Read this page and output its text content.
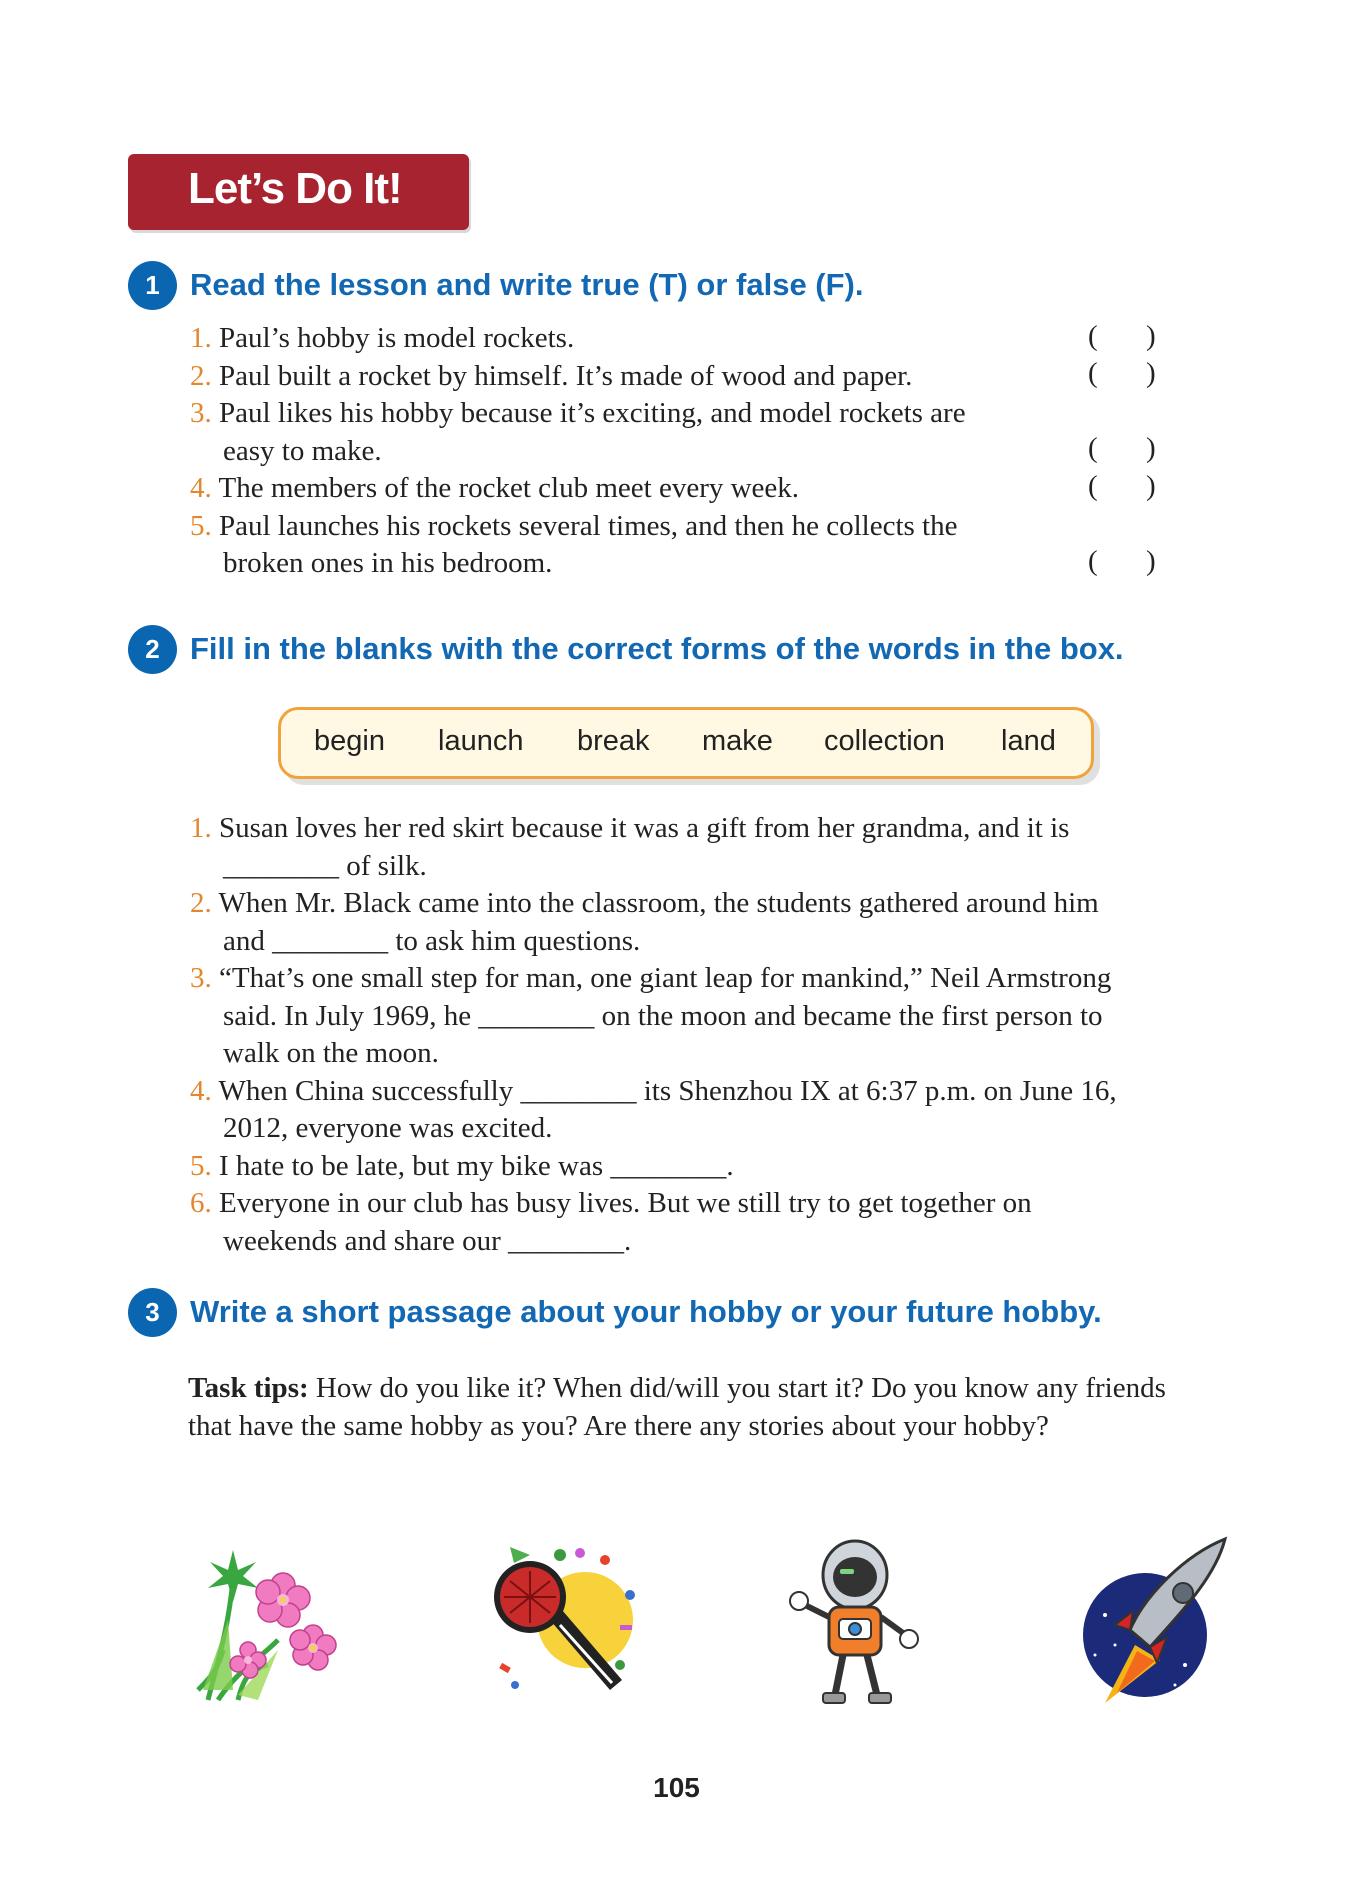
Let’s Do It!
1 Read the lesson and write true (T) or false (F).
1. Paul’s hobby is model rockets.
2. Paul built a rocket by himself. It’s made of wood and paper.
3. Paul likes his hobby because it’s exciting, and model rockets are
easy to make.
4. The members of the rocket club meet every week.
5. Paul launches his rockets several times, and then he collects the
broken ones in his bedroom.
( )
( )
( )
( )
( )
2 Fill in the blanks with the correct forms of the words in the box.
begin launch break make collection land
1. Susan loves her red skirt because it was a gift from her grandma, and it is
________ of silk.
2. When Mr. Black came into the classroom, the students gathered around him
and ________ to ask him questions.
3. “That’s one small step for man, one giant leap for mankind,” Neil Armstrong
said. In July 1969, he ________ on the moon and became the first person to
walk on the moon.
4. When China successfully ________ its Shenzhou IX at 6:37 p.m. on June 16,
2012, everyone was excited.
5. I hate to be late, but my bike was ________.
6. Everyone in our club has busy lives. But we still try to get together on
weekends and share our ________.
3 Write a short passage about your hobby or your future hobby.
Task tips: How do you like it? When did/will you start it? Do you know any friends that have the same hobby as you? Are there any stories about your hobby?
105
